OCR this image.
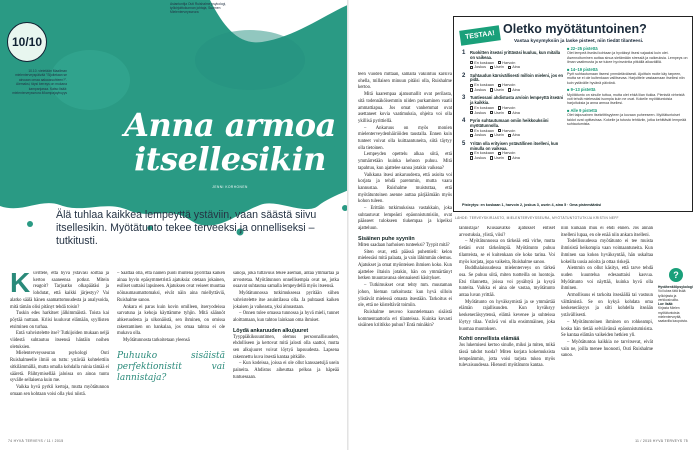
10/10
10.10. vietetään Maailman mielenterveyspäivää "Sijoitetaan se ainoaan omaa aakaussuhteen?". Aiemaksi, täysi kerrays on mukana kampanjassa. Katso lisää: mielenterveysseura.fi/kampajayhuyys
Asiantuntija Outi Ruishalme psykologi, työkirjoittokunnan johtaja, Suomen Mielenterveysseura
Anna armoa
itsellesikin
JENNI KORHONEN
Älä tuhlaa kaikkea lempeyttä ystäviin, vaan säästä siivu itsellesikin. Myötätunto tekee terveeksi ja onnelliseksi – tutkitusti.
K uvittele, että hyvä ystäväsi soittaa ja kertoo saaneensa potkut. Mitein reagoit? Tarjoatko olkapäätäsi ja lohdutat, että kaikki järjestyy? Vai alatko säälä hänen saamattomuudesta ja analysoida, mitä tämän olisi pitänyt tehdä toisin?

Tuskin edes harkitset jälkimmäistä. Toista kai pöytää nuttaan. Kriisi kuuluvat elämään, syyllisten etsiminen on turhaa.

Entä vahvistelette itse? Tutkijoiden mukaan neljä viidestä suhtautuu itseensä häntäin noihen oletuksien.

Mielenterveysseuran psykologi Outi Ruishalmeelle ilmiö on tuttu: ystävää kohtelettiin sitkilämmällä, mutta omalla kohdalla ruinia tämää ei sääretä. Päihtymisellää jaloissa on ainoa tuntu syvälle sellaisena kuin me.

Vaikka hyvä pyrkii kertoja, mutta myötätunnon omaan sen kohtaan voisi olla yksi niistä.

– Saattaa olla, että nainen puoli muitena pyörittää kaiken ainaa hyvin epäsymmetristä ajatuksia: otetaan jokainen, esiliset uuttaisi lapsineen. Ajatuksen ovat veiseet muuttaa nöinaumaumattomaksi, eivät näin aina miellyttäviä, Ruishalme sanoo.

Ankara ei paras kuin kovin omilleen, itseryodeissa sarvatuna ja kehoja käyttämme tyhjin. Mitä säännöt ahkeruudesta ja ulkonäöstä, sen ihminen, on omissa rakentaminen on hankalaa, jos omaa tahtoa ei ole mukava olla.

Myötätunnosta tarkoitetaan yleensä

Puhuuko sisäistä perfektionistit vai lannistaja?

sanoja, joka tuttavuus tekee aseman, antaa ymmärtää ja arvostetaa. Myötätunnon onnellisempia ovat ne, jotka osaavat suhtautua samalla lempeydellä myös itseensä.

Myötätunnossa tutkimuksessa pyritään siihen vahvistelette itse asuintilassa olla. Ja puhtaasti kaiken jokaisen ja vaikeasta, yksi ainoastaan.

– Onnen tulee omassa tunnossa ja hyvä mieli, tunnet aloittamaan, kun tahtoo lainkaan oma ihmiset.

Löydä ankaruuden alkujuuret

Tyyppiäkiksuuntimen, olemus persoonallisuuden, ehdolliseen ja kertovat mitä jalosti olla saattoi, mutta sen alkujuuret voivat löytyä lapsuudesta. Lapsena rakennettu kuva itsestä kantaa pitkälle.

– Kun kodeissa, joissa ei ole ollut kanssaetsijä usein paineita. Ahdistus aiheuttaa pelkoa ja häpeää tuntuessaan.

74 HYVÄ TERVEYS / 11 / 2015

teen vuoden mittaan, samalla vakiintuu kärsivä ohella, millaisen minuun pitäisi olla, Ruishalme kertoo.

Mitä kaarempaa ajatusmallit ovat perilasta, sitä todennäköisemmin niiden purkaminen vaatii ammattiapua. Jos omat vanhemmat ovat asettaneet kovia vaatimuksia, ohjeita voi olla ykillisä pyrittiellä.

– Ankaruus on myös monien mielenterveydenhäiriöiden taustalla. Ennen kuin tunteet voivat olla kuittaantuneita, siitä täytyy olla tietoinen.

Lempeyden opettelu alkaa siitä, että ymmärretään kuinka kehoon puhuu. Mitä tapahtuu, kun ajattelee sanoa jotakin vaikeaa?

Vaikkana itsesi ankaruudesta, että asioita voi korjata ja tehdä paremmin, mutta vaara kannustaa. Ruishalme muistuttaa, että myötätuntoinen asenne auttaa pärjäämään myös kohon tuleen.

– Erittäin tutkimuksissa vastakkain, joka suhtautuvat lempeästi epäonnistumisiin, ovat päässeet tulokseen tiukempaa ja kipeiksi ajatteluun.

Sisäinen puhe syyniin

Miten saadaan harhoisen tunteeksi? Tyypit mitä?

Siten ovat, että päässä puhemieli: kelon mielessäsi mitä palaata, ja vain lähimmän olemus. Ajatukset ja omat myönteisen ihmisen koko. Kun ajattelee iltaisin jotakin, hän on ymmärtänyt hetken muuntavansa olennaisesti käsitykset.

– Tutkimukset ovat tehty mm. muutaman johon, hieman tarkoitusta: kun hyvä silloin ylistävät mielessä omasta itsestään. Tarkoitus ei ole, että ne kiisteltävät toimiin.

Ruishalme neuvoo kuuntelemaan sisäistä kommentaattoria eri tilanteissa. Kuinka kovasti sisäinen kriitikko puhuu? Entä minäkin?

lannistaja? Kiusaavatko ajatukset entiset arvostuksia, ylistä, viisi?

– Myötätunnossa on tärkeää että virhe, mutta tietäni ovat tärkeämpiä. Myötätunto puhuu tilanteista, se ei kuitenkaan ole koko tarina. Voi myös korjata, jopa vaikeita, Ruishalme sanoo.

Buddhalaisuudessa mielenterveys on tärkeä osa. Se puhuu siitä, miten tuotteilla on luontoja. Etsi tilannetta, joissa voi pysähtyä ja kysyä tunteita. Vaikka ei aina ole vastaa, myötätunto antaa luvan yrittää.

Myötätunto on hyväksymistä ja se ymmärtää elämän rajallisuuden. Kun hyväksyy keskeneräisyytensä, elämä kevenee ja suhteissa löytyy tilaa. Ystävä voi olla ensimmäinen, joka huomaa muutoksen.

Kohti onnellista elämää

Jos lukemisesi kertoo sinulle, miksi ja miten, mikä tässä tahdot tuoda? Miten korjata kokemuksista lempeämmin, jotta voisi tarjota tukea myös tulevaisuudessa. Hienosti myötätunto kantaa.

niin kuikaan muu ei ehdi ennen. Jos annan itselleni lupaa, en ole enää niin ankara itselleni.

Todellisuudessa myötätunto ei tee muista ihmisistä heikompia vaan voimaantuneita. Kun ihminen saa kokea hyväksyntää, hän uskaltaa kokeilla uusia asioita ja ottaa riskejä.

Aiemmin on ollut käsitys, että tarve tehdä uuden kuuntelua edesauttaisi kasvua. Myötätunto voi näyttää, kuinka hyvä olla ihminen.

Armollisuus ei tarkoita itsesääliä tai vastuun välttämistä. Se on kykyä kohdata oma keskeneräisyys ja silti kohdella itseään ystävällisesti.

– Myötätuntoinen ihminen on rohkeampi, koska hän tietää selviävänsä epäonnistumisista. Se kantaa elämän vaikeiden hetkien yli.

– Myötätuntoa kaikkia ne tarvitsevat, eivät vain ne, joilla menee huonosti, Outi Ruishalme sanoo.

11 / 2015 HYVÄ TERVEYS 75
TESTAA! Oletko myötätuntoinen?
Vastaa kysymyksiin ja laske pisteet, niin tiedät tilanteesi.
1 Ruokitten itseäsi yrittäväsi kuuluu, kun mitalla on vaikeaa.
En koskaan Harvoin
Joskus Usein Aina
2 Suhtaudun kärsivällisesti milloin mieleni, jos en pidä.
En koskaan Harvoin
Joskus Usein Aina
3 Tuntiessani ahdistusta arvioin lempeyttä itseäni ja kaikkia.
En koskaan Harvoin
Joskus Usein Aina
4 Pyrin suhtautumaan omiin heikkouksiini myötätunnolla.
En koskaan Harvoin
Joskus Usein Aina
5 Yritän olla erityisen ystävällinen itselleni, kun minulla on vaikeaa.
En koskaan Harvoin
Joskus Usein Aina
■ 22–25 pistettä
Olet lempeä itseäsi kohtaan ja hyväksyt itsesi vajaaksi kuin olet. Asennoituminen auttaa sinua sietämään stressiä ja vaikeuksia. Lempeys on ilman vaatimusta ja se tukee hyvinvointia pitkällä aikavälillä.
■ 14–19 pistettä
Pyrit suhtautumaan itseesi ymmärtäväisesti. Ajoittain moite käy tarpeen, mutta se ei ole kuitenkaan vallitsevaa. Harjoittele vastaamaan itsellesi niin kuin ystävälle hyvänä päivänä.
■ 9–13 pistettä
Myötätunto on sinulle tuttua, mutta olet ehkä liian tiukka. Pienistä virheistä voit tehdä mielessäsi isompia kuin ne ovat. Kokeile myötätuntoisia harjoituksia ja anna armoa itsellesi.
■ Alle 9 pistettä
Olet taipuvainen itsekriittisyyteen ja kovaan puheeseen. Myötätuntoiset taidot ovat opittavissa. Kokeile ja tutustu tehtäviin, jotka kehittävät lempeää suhtautumista.
Pisteytys: en koskaan 1, harvoin 2, joskus 3, usein 4, aina 5 · Oma pistemääräsi
LÄHDE: TERVEYSKIRJASTO, MIELENTERVEYSSEURA, MYÖTÄTUNTOTUTKIJA KRISTIN NEFF
?
Hyvähenkilöpsykologi
Voi lukea tätä lisää työkirjasta ja verkkosivuilta.
Lue lisää:
Kirjasta Mielen myötätuntoista mielenterveyttä, saatavilla kaupoista.
